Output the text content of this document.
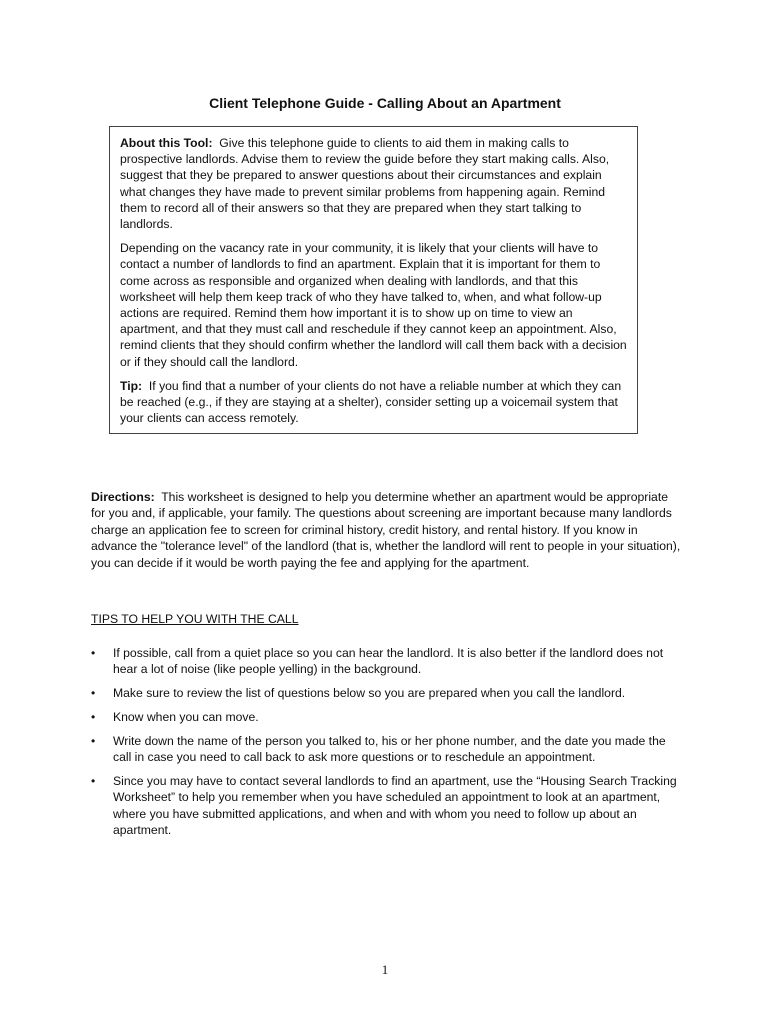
Client Telephone Guide - Calling About an Apartment

About this Tool: Give this telephone guide to clients to aid them in making calls to prospective landlords. Advise them to review the guide before they start making calls. Also, suggest that they be prepared to answer questions about their circumstances and explain what changes they have made to prevent similar problems from happening again. Remind them to record all of their answers so that they are prepared when they start talking to landlords.

Depending on the vacancy rate in your community, it is likely that your clients will have to contact a number of landlords to find an apartment. Explain that it is important for them to come across as responsible and organized when dealing with landlords, and that this worksheet will help them keep track of who they have talked to, when, and what follow-up actions are required. Remind them how important it is to show up on time to view an apartment, and that they must call and reschedule if they cannot keep an appointment. Also, remind clients that they should confirm whether the landlord will call them back with a decision or if they should call the landlord.

Tip: If you find that a number of your clients do not have a reliable number at which they can be reached (e.g., if they are staying at a shelter), consider setting up a voicemail system that your clients can access remotely.

Directions: This worksheet is designed to help you determine whether an apartment would be appropriate for you and, if applicable, your family. The questions about screening are important because many landlords charge an application fee to screen for criminal history, credit history, and rental history. If you know in advance the "tolerance level" of the landlord (that is, whether the landlord will rent to people in your situation), you can decide if it would be worth paying the fee and applying for the apartment.

TIPS TO HELP YOU WITH THE CALL

•	If possible, call from a quiet place so you can hear the landlord. It is also better if the landlord does not hear a lot of noise (like people yelling) in the background.
•	Make sure to review the list of questions below so you are prepared when you call the landlord.
•	Know when you can move.
•	Write down the name of the person you talked to, his or her phone number, and the date you made the call in case you need to call back to ask more questions or to reschedule an appointment.
•	Since you may have to contact several landlords to find an apartment, use the “Housing Search Tracking Worksheet” to help you remember when you have scheduled an appointment to look at an apartment, where you have submitted applications, and when and with whom you need to follow up about an apartment.
1
